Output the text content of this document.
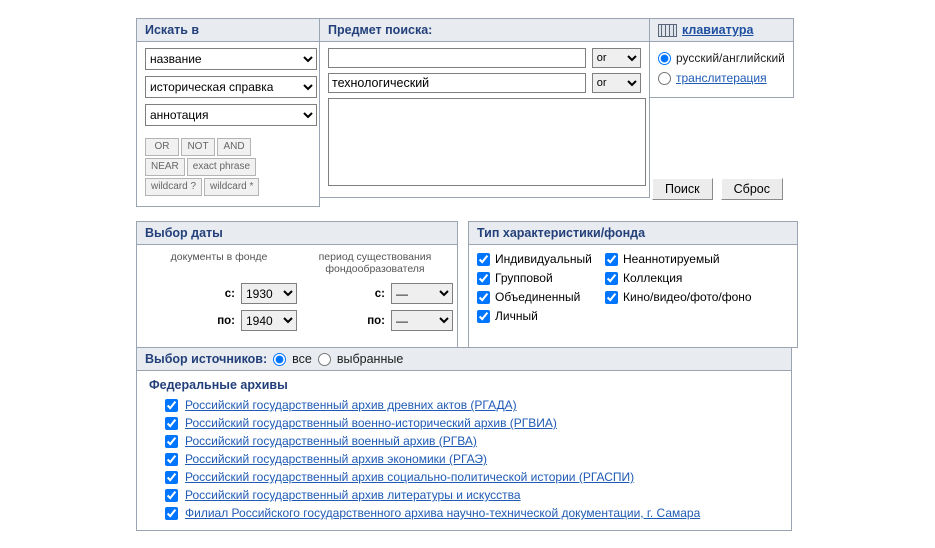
Искать в
название
историческая справка
аннотация
OR	NOT	AND
NEAR	exact phrase
wildcard ?	wildcard *
Предмет поиска:
or
технологический
or	клавиатура
русский/английский
транслитерация
Поиск	Сброс
Выбор даты
документы в фонде
с:
1930
по:
1940
период существования фондообразователя
с:
—
по:
—
Тип характеристики/фонда
Индивидуальный
Групповой
Объединенный
Личный
Неаннотируемый
Коллекция
Кино/видео/фото/фоно
Выбор источников: все выбранные
Федеральные архивы
Российский государственный архив древних актов (РГАДА)
Российский государственный военно-исторический архив (РГВИА)
Российский государственный военный архив (РГВА)
Российский государственный архив экономики (РГАЭ)
Российский государственный архив социально-политической истории (РГАСПИ)
Российский государственный архив литературы и искусства
Филиал Российского государственного архива научно-технической документации, г. Самара
